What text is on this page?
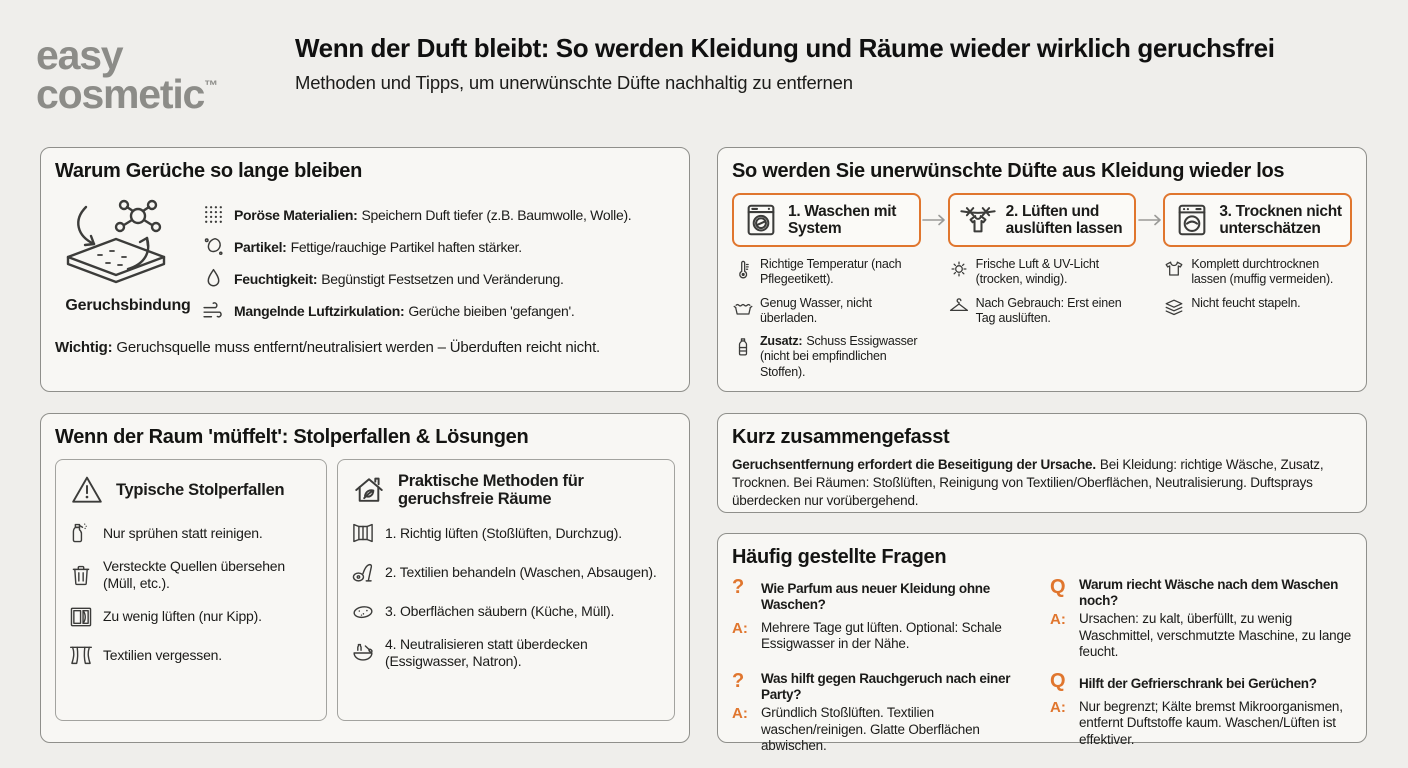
easy
cosmetic™
Wenn der Duft bleibt: So werden Kleidung und Räume wieder wirklich geruchsfrei
Methoden und Tipps, um unerwünschte Düfte nachhaltig zu entfernen
Warum Gerüche so lange bleiben
Geruchsbindung
Poröse Materialien: Speichern Duft tiefer (z.B. Baumwolle, Wolle).
Partikel: Fettige/rauchige Partikel haften stärker.
Feuchtigkeit: Begünstigt Festsetzen und Veränderung.
Mangelnde Luftzirkulation: Gerüche bieiben 'gefangen'.
Wichtig: Geruchsquelle muss entfernt/neutralisiert werden – Überduften reicht nicht.
So werden Sie unerwünschte Düfte aus Kleidung wieder los
1. Waschen mit System
2. Lüften und auslüften lassen
3. Trocknen nicht unterschätzen
Richtige Temperatur (nach Pflegeetikett).
Genug Wasser, nicht überladen.
Zusatz: Schuss Essigwasser (nicht bei empfindlichen Stoffen).
Frische Luft & UV-Licht (trocken, windig).
Nach Gebrauch: Erst einen Tag auslüften.
Komplett durchtrocknen lassen (muffig vermeiden).
Nicht feucht stapeln.
Wenn der Raum 'müffelt': Stolperfallen & Lösungen
Typische Stolperfallen
Nur sprühen statt reinigen.
Versteckte Quellen übersehen (Müll, etc.).
Zu wenig lüften (nur Kipp).
Textilien vergessen.
Praktische Methoden für geruchsfreie Räume
1. Richtig lüften (Stoßlüften, Durchzug).
2. Textilien behandeln (Waschen, Absaugen).
3. Oberflächen säubern (Küche, Müll).
4. Neutralisieren statt überdecken (Essigwasser, Natron).
Kurz zusammengefasst

Geruchsentfernung erfordert die Beseitigung der Ursache. Bei Kleidung: richtige Wäsche, Zusatz, Trocknen. Bei Räumen: Stoßlüften, Reinigung von Textilien/Oberflächen, Neutralisierung. Duftsprays überdecken nur vorübergehend.

Häufig gestellte Fragen
?	Wie Parfum aus neuer Kleidung ohne Waschen?
A: Mehrere Tage gut lüften. Optional: Schale Essigwasser in der Nähe.
Q Warum riecht Wäsche nach dem Waschen noch?
A: Ursachen: zu kalt, überfüllt, zu wenig Waschmittel, verschmutzte Maschine, zu lange feucht.
?	Was hilft gegen Rauchgeruch nach einer Party?
A: Gründlich Stoßlüften. Textilien waschen/reinigen. Glatte Oberflächen abwischen.
Q Hilft der Gefrierschrank bei Gerüchen?
A: Nur begrenzt; Kälte bremst Mikroorganismen, entfernt Duftstoffe kaum. Waschen/Lüften ist effektiver.
